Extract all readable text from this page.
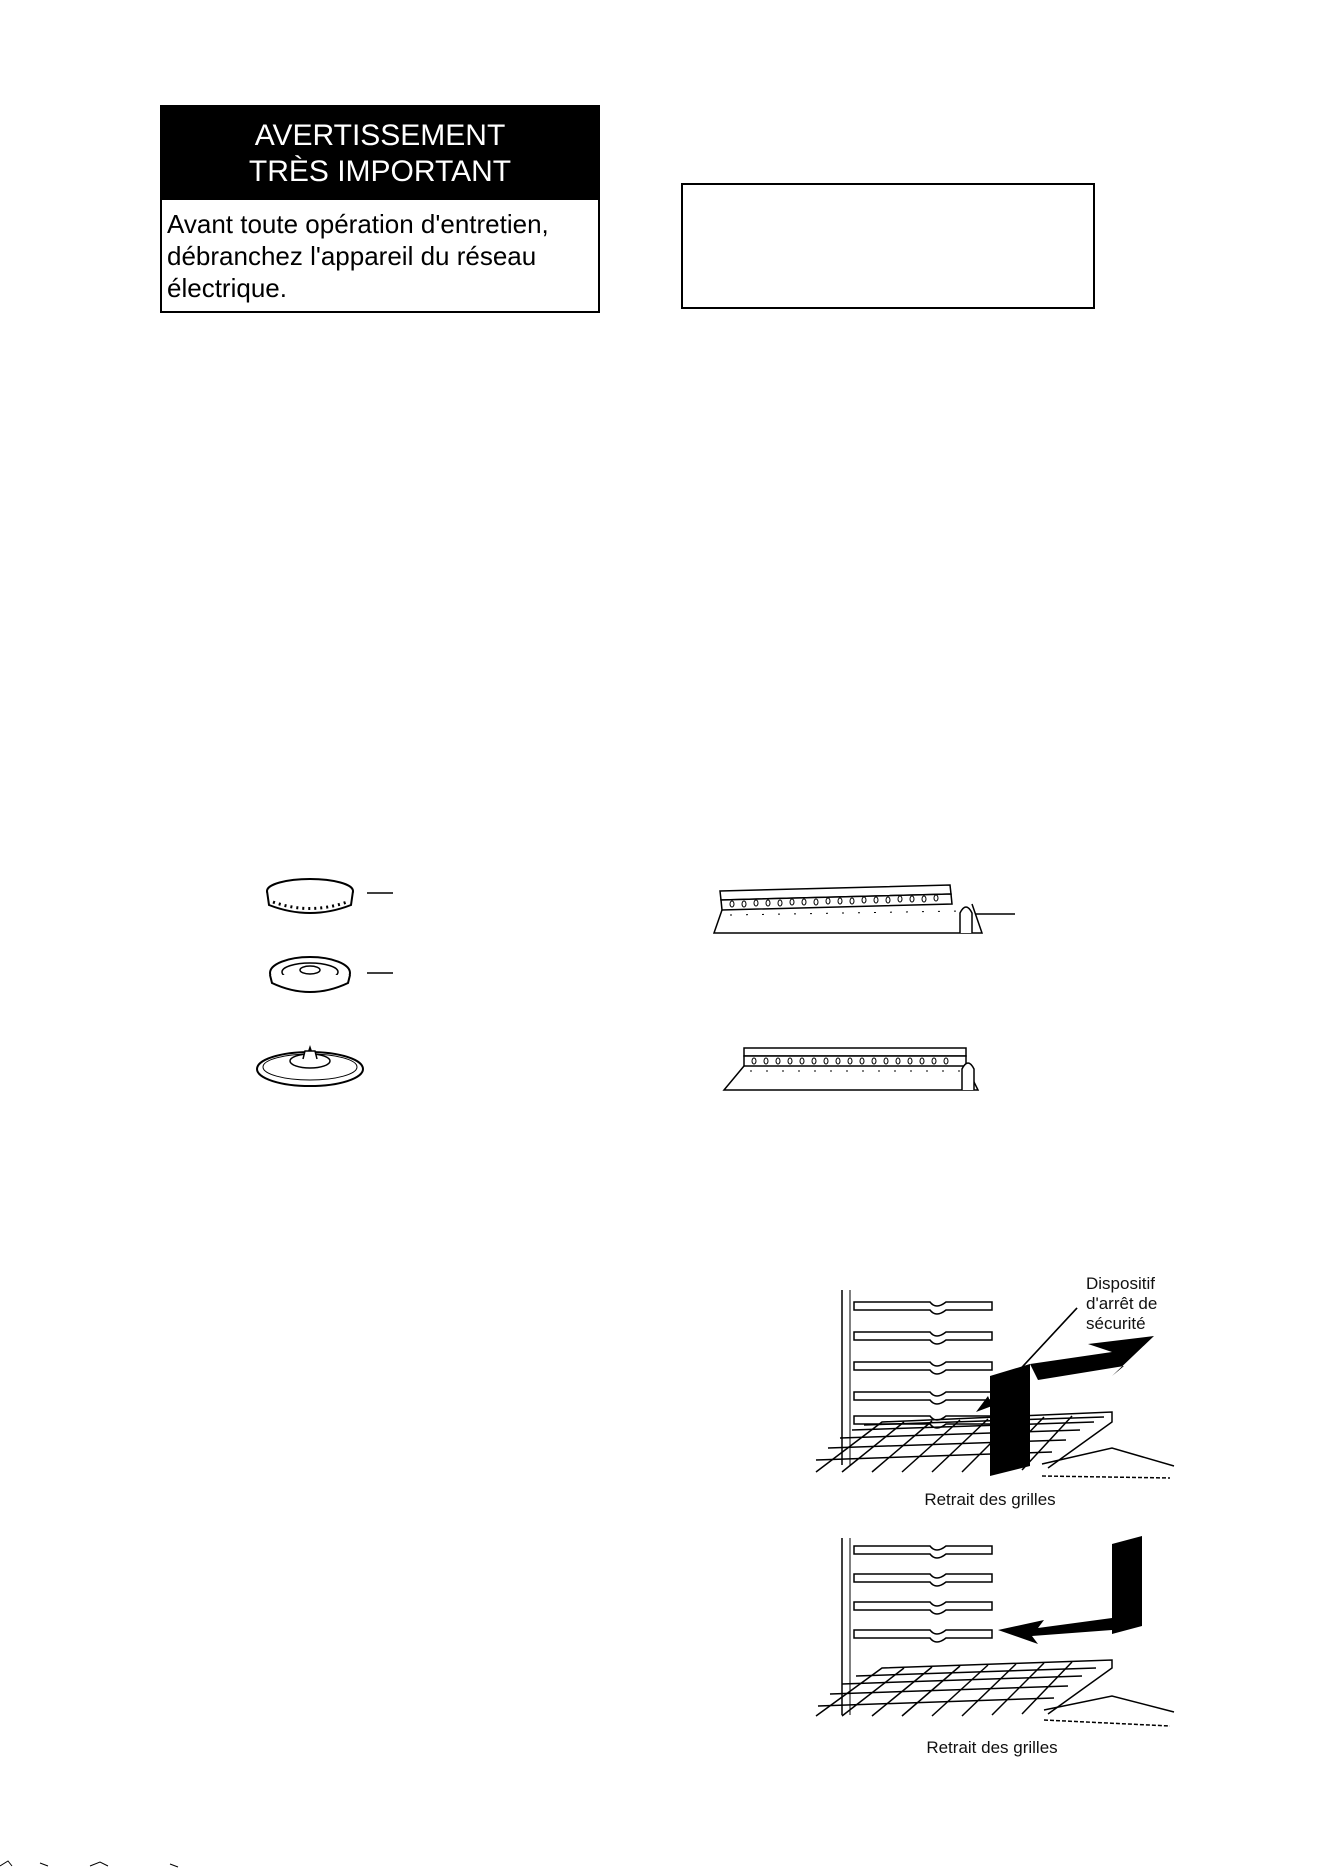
AVERTISSEMENT
TRÈS IMPORTANT
Avant toute opération d'entretien,
débranchez l'appareil du réseau
électrique.
Dispositif
d'arrêt de
sécurité
Retrait des grilles
Retrait des grilles
